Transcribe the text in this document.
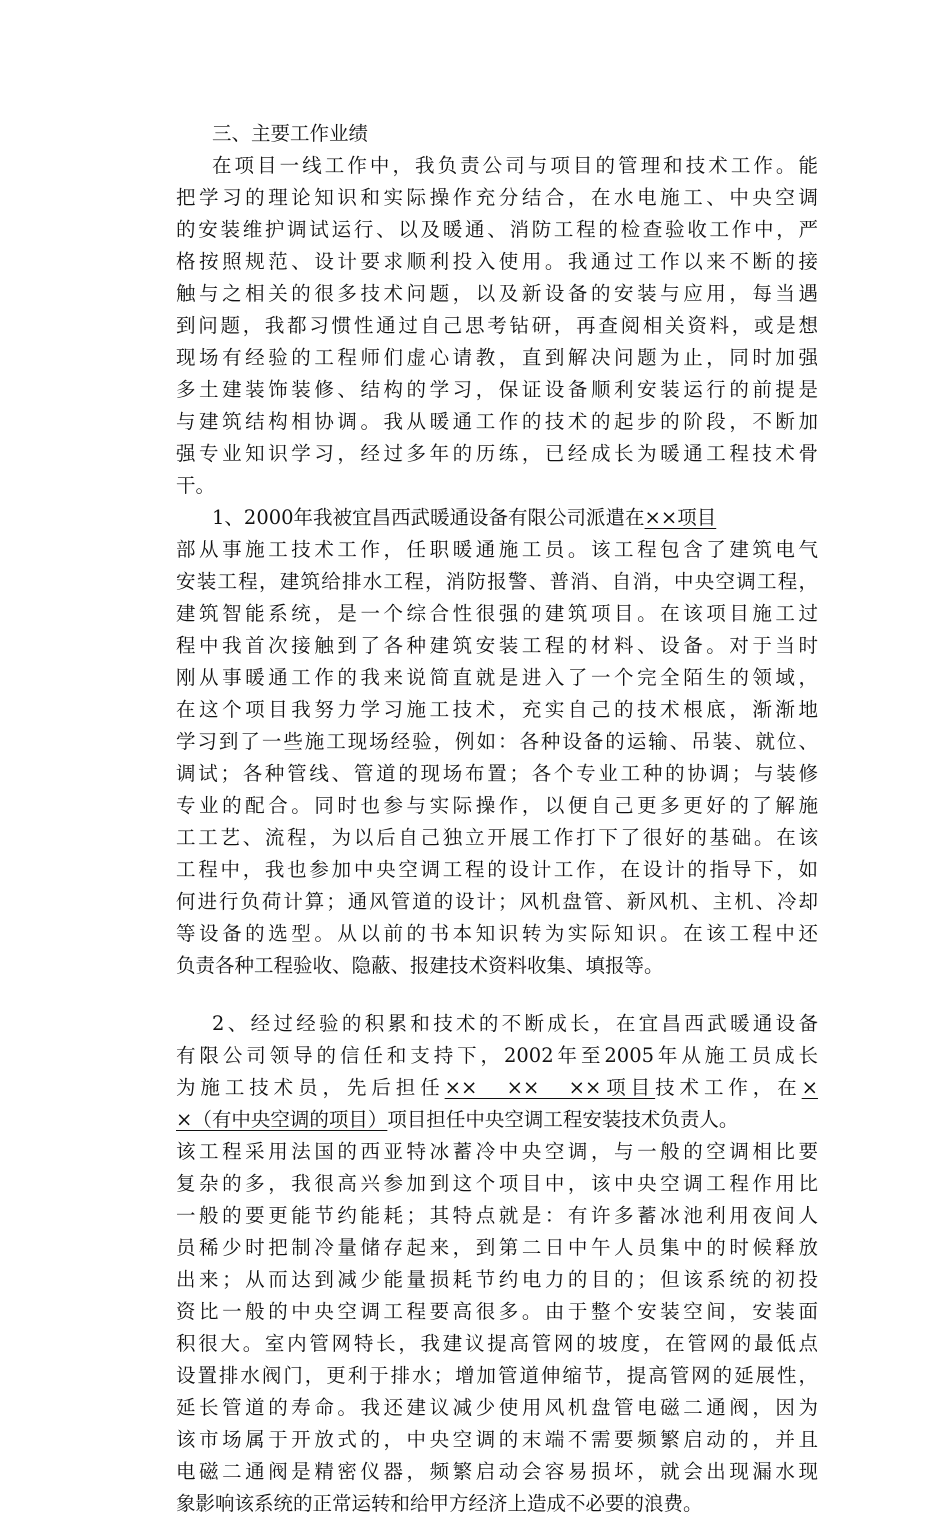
三、主要工作业绩
在项目一线工作中，我负责公司与项目的管理和技术工作。能
把学习的理论知识和实际操作充分结合，在水电施工、中央空调
的安装维护调试运行、以及暖通、消防工程的检查验收工作中，严
格按照规范、设计要求顺利投入使用。我通过工作以来不断的接
触与之相关的很多技术问题，以及新设备的安装与应用，每当遇
到问题，我都习惯性通过自己思考钻研，再查阅相关资料，或是想
现场有经验的工程师们虚心请教，直到解决问题为止，同时加强
多土建装饰装修、结构的学习，保证设备顺利安装运行的前提是
与建筑结构相协调。我从暖通工作的技术的起步的阶段，不断加
强专业知识学习，经过多年的历练，已经成长为暖通工程技术骨
干。
1、2000年我被宜昌西武暖通设备有限公司派遣在××项目
部从事施工技术工作，任职暖通施工员。该工程包含了建筑电气
安装工程，建筑给排水工程，消防报警、普消、自消，中央空调工程，
建筑智能系统，是一个综合性很强的建筑项目。在该项目施工过
程中我首次接触到了各种建筑安装工程的材料、设备。对于当时
刚从事暖通工作的我来说简直就是进入了一个完全陌生的领域，
在这个项目我努力学习施工技术，充实自己的技术根底，渐渐地
学习到了一些施工现场经验，例如：各种设备的运输、吊装、就位、
调试；各种管线、管道的现场布置；各个专业工种的协调；与装修
专业的配合。同时也参与实际操作，以便自己更多更好的了解施
工工艺、流程，为以后自己独立开展工作打下了很好的基础。在该
工程中，我也参加中央空调工程的设计工作，在设计的指导下，如
何进行负荷计算；通风管道的设计；风机盘管、新风机、主机、冷却
等设备的选型。从以前的书本知识转为实际知识。在该工程中还
负责各种工程验收、隐蔽、报建技术资料收集、填报等。
2、经过经验的积累和技术的不断成长，在宜昌西武暖通设备
有限公司领导的信任和支持下，2002年至2005年从施工员成长
为施工技术员，先后担任××　××　××项目技术工作，在×
×（有中央空调的项目）项目担任中央空调工程安装技术负责人。
该工程采用法国的西亚特冰蓄冷中央空调，与一般的空调相比要
复杂的多，我很高兴参加到这个项目中，该中央空调工程作用比
一般的要更能节约能耗；其特点就是：有许多蓄冰池利用夜间人
员稀少时把制冷量储存起来，到第二日中午人员集中的时候释放
出来；从而达到减少能量损耗节约电力的目的；但该系统的初投
资比一般的中央空调工程要高很多。由于整个安装空间，安装面
积很大。室内管网特长，我建议提高管网的坡度，在管网的最低点
设置排水阀门，更利于排水；增加管道伸缩节，提高管网的延展性，
延长管道的寿命。我还建议减少使用风机盘管电磁二通阀，因为
该市场属于开放式的，中央空调的末端不需要频繁启动的，并且
电磁二通阀是精密仪器，频繁启动会容易损坏，就会出现漏水现
象影响该系统的正常运转和给甲方经济上造成不必要的浪费。
